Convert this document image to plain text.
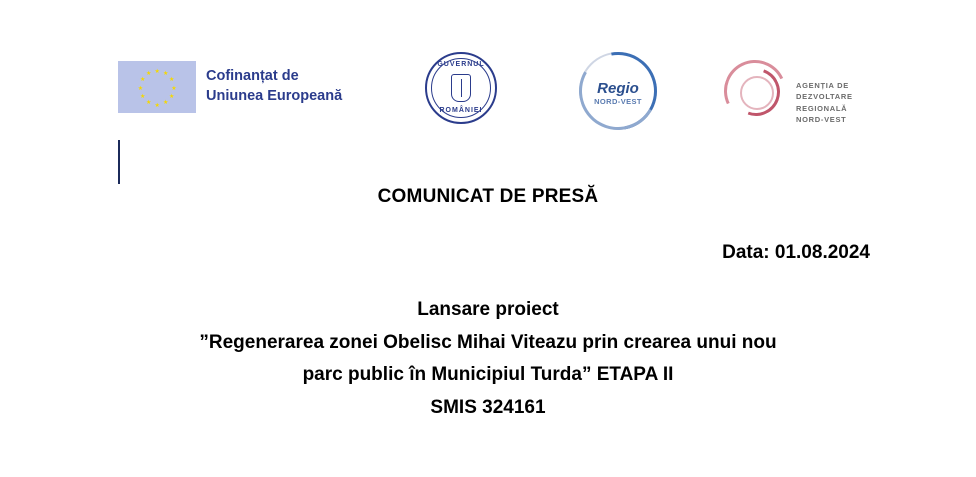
★ ★
★
★
★
★
★
★
★
★
★
★	Cofinanțat de
Uniunea Europeană
GUVERNUL
ROMÂNIEI
Regio
NORD-VEST
AGENȚIA DE
DEZVOLTARE REGIONALĂ
NORD-VEST
COMUNICAT DE PRESĂ
Data: 01.08.2024
Lansare proiect
”Regenerarea zonei Obelisc Mihai Viteazu prin crearea unui nou
parc public în Municipiul Turda” ETAPA II
SMIS 324161
